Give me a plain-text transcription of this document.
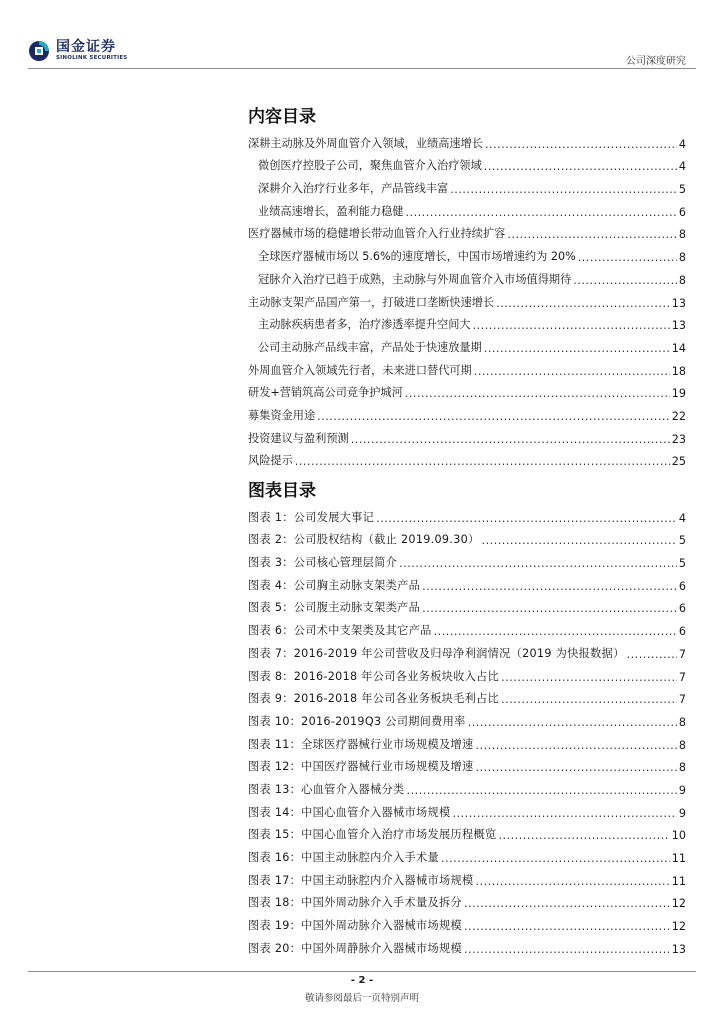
国金证券
SINOLINK SECURITIES	公司深度研究
内容目录
深耕主动脉及外周血管介入领域，业绩高速增长 .....	4
微创医疗控股子公司，聚焦血管介入治疗领域 .....	4
深耕介入治疗行业多年，产品管线丰富 .....	5
业绩高速增长，盈利能力稳健 .....	6
医疗器械市场的稳健增长带动血管介入行业持续扩容 .....	8
全球医疗器械市场以 5.6%的速度增长，中国市场增速约为 20% .....	8
冠脉介入治疗已趋于成熟，主动脉与外周血管介入市场值得期待 .....	8
主动脉支架产品国产第一，打破进口垄断快速增长 .....	13
主动脉疾病患者多，治疗渗透率提升空间大 .....	13
公司主动脉产品线丰富，产品处于快速放量期 .....	14
外周血管介入领域先行者，未来进口替代可期 .....	18
研发+营销筑高公司竞争护城河 .....	19
募集资金用途 .....	22
投资建议与盈利预测 .....	23
风险提示 .....	25
图表目录
图表 1：公司发展大事记 .....	4
图表 2：公司股权结构（截止 2019.09.30） .....	5
图表 3：公司核心管理层简介 .....	5
图表 4：公司胸主动脉支架类产品 .....	6
图表 5：公司腹主动脉支架类产品 .....	6
图表 6：公司术中支架类及其它产品 .....	6
图表 7：2016-2019 年公司营收及归母净利润情况（2019 为快报数据） .....	7
图表 8：2016-2018 年公司各业务板块收入占比 .....	7
图表 9：2016-2018 年公司各业务板块毛利占比 .....	7
图表 10：2016-2019Q3 公司期间费用率 .....	8
图表 11：全球医疗器械行业市场规模及增速 .....	8
图表 12：中国医疗器械行业市场规模及增速 .....	8
图表 13：心血管介入器械分类 .....	9
图表 14：中国心血管介入器械市场规模 .....	9
图表 15：中国心血管介入治疗市场发展历程概览 .....	10
图表 16：中国主动脉腔内介入手术量 .....	11
图表 17：中国主动脉腔内介入器械市场规模 .....	11
图表 18：中国外周动脉介入手术量及拆分 .....	12
图表 19：中国外周动脉介入器械市场规模 .....	12
图表 20：中国外周静脉介入器械市场规模 .....	13
- 2 -
敬请参阅最后一页特别声明
